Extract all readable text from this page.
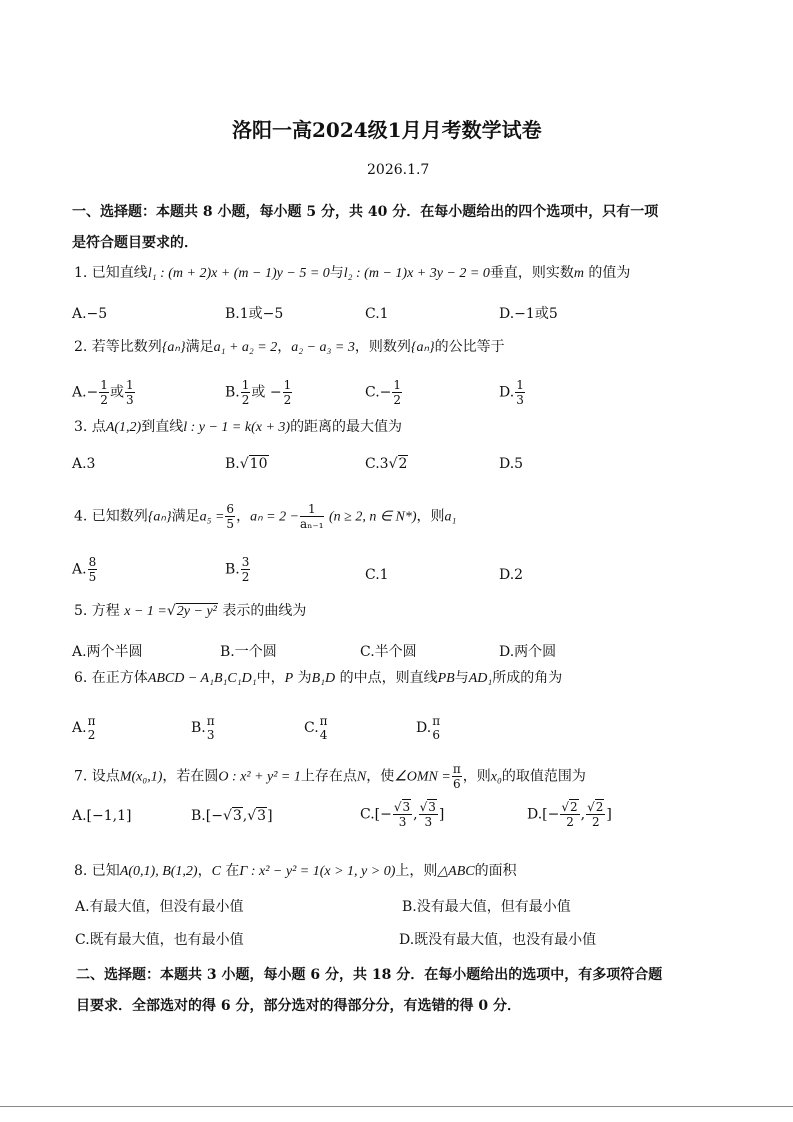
洛阳一高2024级1月月考数学试卷
2026.1.7
一、选择题：本题共 8 小题，每小题 5 分，共 40 分．在每小题给出的四个选项中，只有一项
是符合题目要求的．
1. 已知直线l₁ : (m + 2)x + (m − 1)y − 5 = 0与l₂ : (m − 1)x + 3y − 2 = 0垂直，则实数m 的值为
A.−5	B.1或−5	C.1	D.−1或5
2. 若等比数列{aₙ}满足a₁ + a₂ = 2，a₂ − a₃ = 3，则数列{aₙ}的公比等于
$A.- \frac{1}{2}$ 或 $\frac{1}{3}$	B. $\frac{1}{2}$ 或 − $\frac{1}{2}$	$C.- \frac{1}{2}$	D. $\frac{1}{3}$
3. 点A(1,2)到直线l : y − 1 = k(x + 3)的距离的最大值为
A.3	B.√10	C.3√2	D.5
4. 已知数列{aₙ}满足$a_5 = \frac{6}{5}$ ，$a_n = 2 - \frac{1}{\text{aₙ₋₁}} (n \ge 2$, n ∈ N*)，则a₁
A. $\frac{8}{5}$	B. $\frac{3}{2}$	C.1	D.2
5. 方程 x − 1 =√2y − y² 表示的曲线为
A.两个半圆	B.一个圆	C.半个圆	D.两个圆
6. 在正方体ABCD − A₁B₁C₁D₁中，P 为B₁D 的中点，则直线PB与AD₁所成的角为
A. π
2	B. π
3	C. π
4	D. π
6
7. 设点M(x₀,1)，若在圆O : x² + y² = 1上存在点N，使∠OMN = $\frac{\pi}{6}$ ，则x₀的取值范围为
A.[−1,1]	B.[−√3,√3]	$C.[- \frac{√3}{3}$ , $\frac{√3}{3}$ ]	$D.[- \frac{√2}{2}$ , $\frac{√2}{2}$ ]
8. 已知A(0,1), B(1,2)，C 在Γ : x² − y² = 1(x > 1, y > 0)上，则△ABC的面积
A.有最大值，但没有最小值	B.没有最大值，但有最小值
C.既有最大值，也有最小值	D.既没有最大值，也没有最小值
二、选择题：本题共 3 小题，每小题 6 分，共 18 分．在每小题给出的选项中，有多项符合题
目要求．全部选对的得 6 分，部分选对的得部分分，有选错的得 0 分．
